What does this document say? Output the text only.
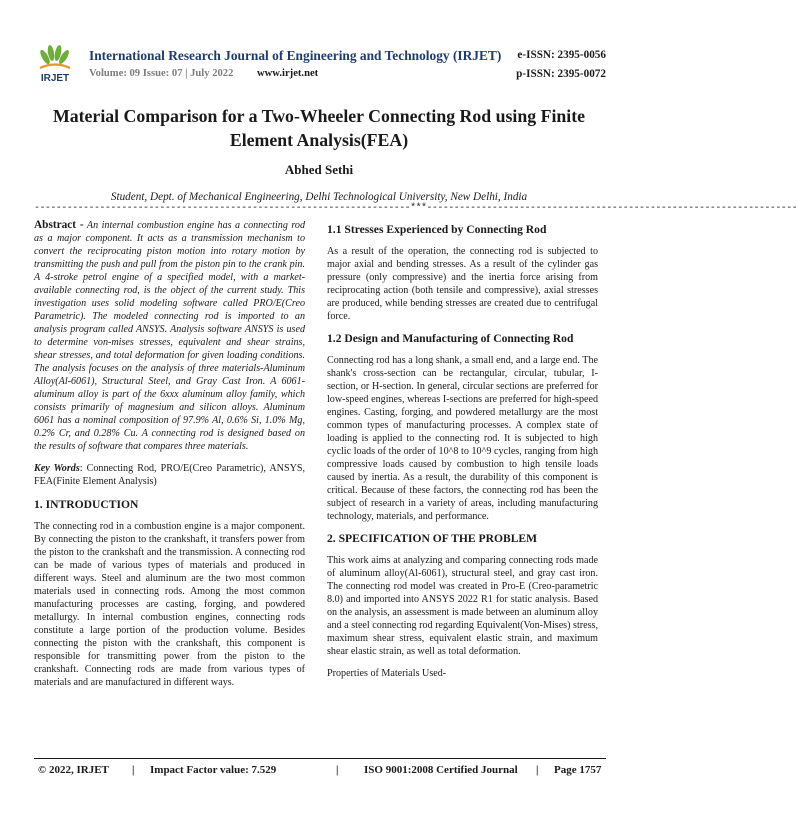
IRJET
International Research Journal of Engineering and Technology (IRJET) e-ISSN: 2395-0056
Volume: 09 Issue: 07 | July 2022 www.irjet.net	p-ISSN: 2395-0072
Material Comparison for a Two-Wheeler Connecting Rod using Finite Element Analysis(FEA)
Abhed Sethi
Student, Dept. of Mechanical Engineering, Delhi Technological University, New Delhi, India
---------------------------------------------------------------------***--------------------------------------------------------------------

Abstract - An internal combustion engine has a connecting rod as a major component. It acts as a transmission mechanism to convert the reciprocating piston motion into rotary motion by transmitting the push and pull from the piston pin to the crank pin. A 4-stroke petrol engine of a specified model, with a market-available connecting rod, is the object of the current study. This investigation uses solid modeling software called PRO/E(Creo Parametric). The modeled connecting rod is imported to an analysis program called ANSYS. Analysis software ANSYS is used to determine von-mises stresses, equivalent and shear strains, shear stresses, and total deformation for given loading conditions. The analysis focuses on the analysis of three materials-Aluminum Alloy(Al-6061), Structural Steel, and Gray Cast Iron. A 6061-aluminum alloy is part of the 6xxx aluminum alloy family, which consists primarily of magnesium and silicon alloys. Aluminum 6061 has a nominal composition of 97.9% Al, 0.6% Si, 1.0% Mg, 0.2% Cr, and 0.28% Cu. A connecting rod is designed based on the results of software that compares three materials.

Key Words: Connecting Rod, PRO/E(Creo Parametric), ANSYS, FEA(Finite Element Analysis)

1. INTRODUCTION

The connecting rod in a combustion engine is a major component. By connecting the piston to the crankshaft, it transfers power from the piston to the crankshaft and the transmission. A connecting rod can be made of various types of materials and produced in different ways. Steel and aluminum are the two most common materials used in connecting rods. Among the most common manufacturing processes are casting, forging, and powdered metallurgy. In internal combustion engines, connecting rods constitute a large portion of the production volume. Besides connecting the piston with the crankshaft, this component is responsible for transmitting power from the piston to the crankshaft. Connecting rods are made from various types of materials and are manufactured in different ways.

1.1 Stresses Experienced by Connecting Rod

As a result of the operation, the connecting rod is subjected to major axial and bending stresses. As a result of the cylinder gas pressure (only compressive) and the inertia force arising from reciprocating action (both tensile and compressive), axial stresses are produced, while bending stresses are created due to centrifugal force.

1.2 Design and Manufacturing of Connecting Rod

Connecting rod has a long shank, a small end, and a large end. The shank's cross-section can be rectangular, circular, tubular, I-section, or H-section. In general, circular sections are preferred for low-speed engines, whereas I-sections are preferred for high-speed engines. Casting, forging, and powdered metallurgy are the most common types of manufacturing processes. A complex state of loading is applied to the connecting rod. It is subjected to high cyclic loads of the order of 10^8 to 10^9 cycles, ranging from high compressive loads caused by combustion to high tensile loads caused by inertia. As a result, the durability of this component is critical. Because of these factors, the connecting rod has been the subject of research in a variety of areas, including manufacturing technology, materials, and performance.

2. SPECIFICATION OF THE PROBLEM

This work aims at analyzing and comparing connecting rods made of aluminum alloy(Al-6061), structural steel, and gray cast iron. The connecting rod model was created in Pro-E (Creo-parametric 8.0) and imported into ANSYS 2022 R1 for static analysis. Based on the analysis, an assessment is made between an aluminum alloy and a steel connecting rod regarding Equivalent(Von-Mises) stress, maximum shear stress, equivalent elastic strain, and maximum shear elastic strain, as well as total deformation.

Properties of Materials Used-

© 2022, IRJET | Impact Factor value: 7.529	| ISO 9001:2008 Certified Journal | Page 1757
